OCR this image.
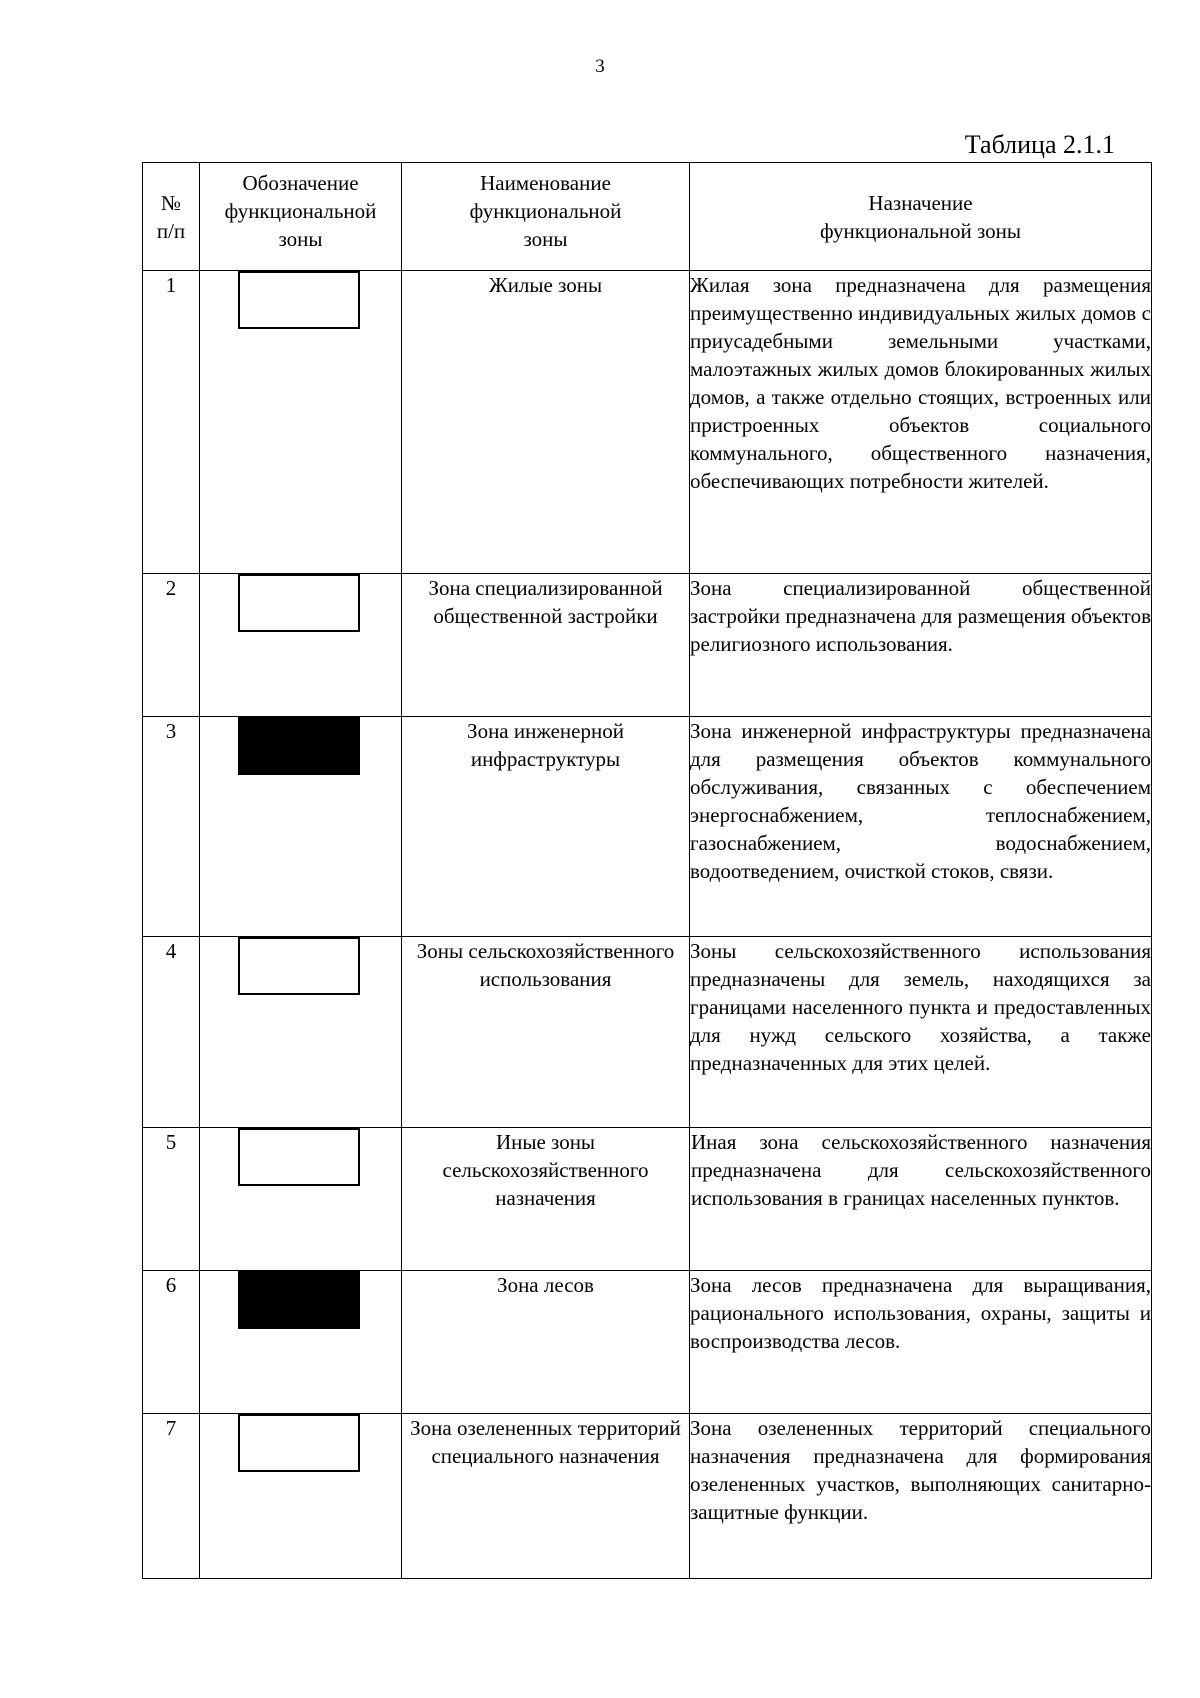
3
Таблица 2.1.1
№ п/п	Обозначение функциональной зоны	Наименование функциональной зоны	Назначение функциональной зоны

1		Жилые зоны	Жилая зона предназначена для размещения преимущественно индивидуальных жилых домов с приусадебными земельными участками, малоэтажных жилых домов блокированных жилых домов, а также отдельно стоящих, встроенных или пристроенных объектов социального коммунального, общественного назначения, обеспечивающих потребности жителей.
2		Зона специализированной общественной застройки	Зона специализированной общественной застройки предназначена для размещения объектов религиозного использования.
3		Зона инженерной инфраструктуры	Зона инженерной инфраструктуры предназначена для размещения объектов коммунального обслуживания, связанных с обеспечением энергоснабжением, теплоснабжением, газоснабжением, водоснабжением, водоотведением, очисткой стоков, связи.
4		Зоны сельскохозяйственного использования	Зоны сельскохозяйственного использования предназначены для земель, находящихся за границами населенного пункта и предоставленных для нужд сельского хозяйства, а также предназначенных для этих целей.
5		Иные зоны сельскохозяйственного назначения	Иная зона сельскохозяйственного назначения предназначена для сельскохозяйственного использования в границах населенных пунктов.
6		Зона лесов	Зона лесов предназначена для выращивания, рационального использования, охраны, защиты и воспроизводства лесов.
7		Зона озелененных территорий специального назначения	Зона озелененных территорий специального назначения предназначена для формирования озелененных участков, выполняющих санитарно-защитные функции.
